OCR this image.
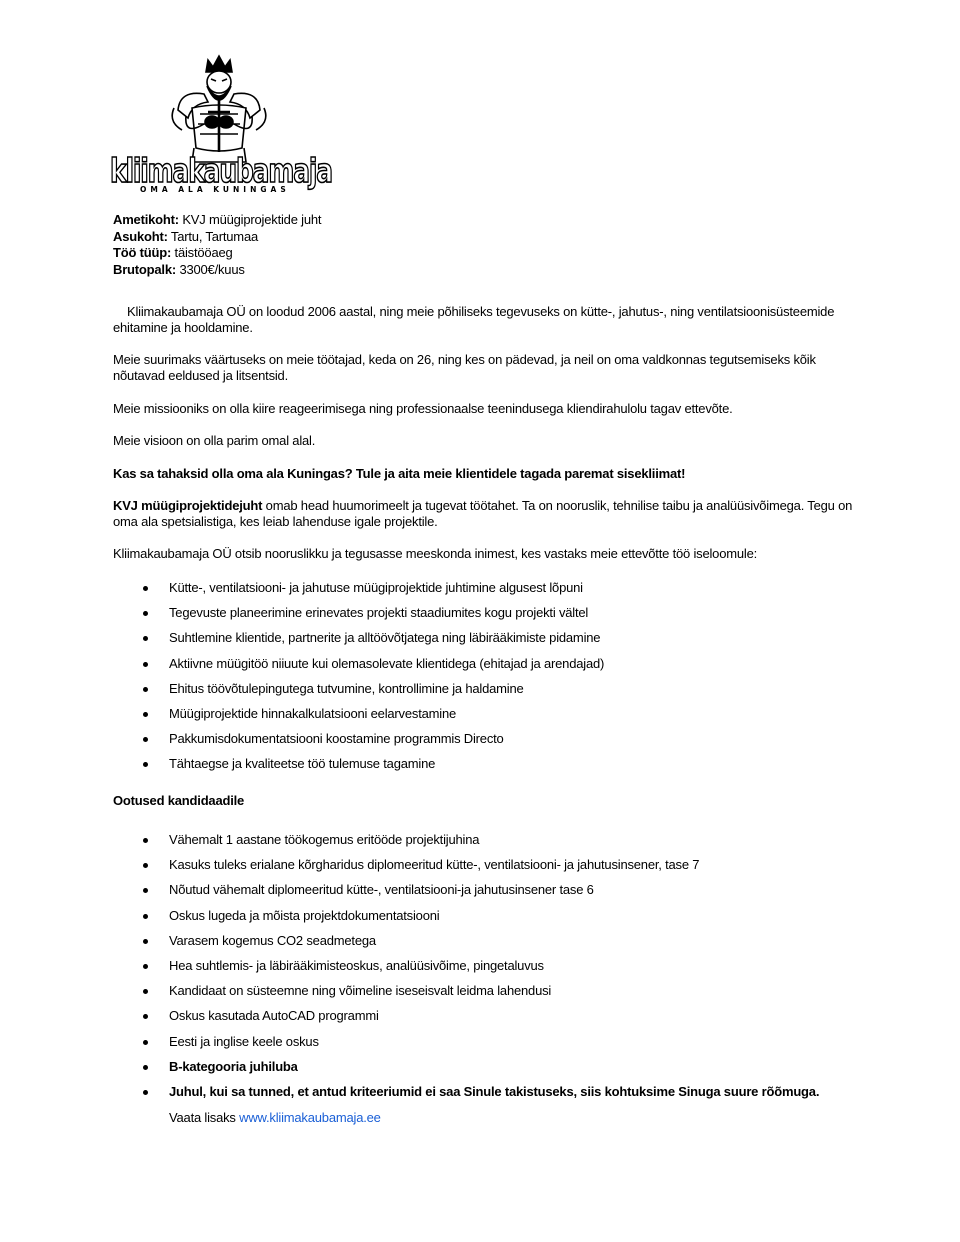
kliimakaubamaja
OMA ALA KUNINGAS
Ametikoht: KVJ müügiprojektide juht
Asukoht: Tartu, Tartumaa
Töö tüüp: täistööaeg
Brutopalk: 3300€/kuus
Kliimakaubamaja OÜ on loodud 2006 aastal, ning meie põhiliseks tegevuseks on kütte-, jahutus-, ning ventilatsioonisüsteemide ehitamine ja hooldamine.
Meie suurimaks väärtuseks on meie töötajad, keda on 26, ning kes on pädevad, ja neil on oma valdkonnas tegutsemiseks kõik nõutavad eeldused ja litsentsid.
Meie missiooniks on olla kiire reageerimisega ning professionaalse teenindusega kliendirahulolu tagav ettevõte.
Meie visioon on olla parim omal alal.
Kas sa tahaksid olla oma ala Kuningas? Tule ja aita meie klientidele tagada paremat sisekliimat!
KVJ müügiprojektidejuht omab head huumorimeelt ja tugevat töötahet. Ta on nooruslik, tehnilise taibu ja analüüsivõimega. Tegu on oma ala spetsialistiga, kes leiab lahenduse igale projektile.
Kliimakaubamaja OÜ otsib nooruslikku ja tegusasse meeskonda inimest, kes vastaks meie ettevõtte töö iseloomule:
Kütte-, ventilatsiooni- ja jahutuse müügiprojektide juhtimine algusest lõpuni
Tegevuste planeerimine erinevates projekti staadiumites kogu projekti vältel
Suhtlemine klientide, partnerite ja alltöövõtjatega ning läbirääkimiste pidamine
Aktiivne müügitöö niiuute kui olemasolevate klientidega (ehitajad ja arendajad)
Ehitus töövõtulepingutega tutvumine, kontrollimine ja haldamine
Müügiprojektide hinnakalkulatsiooni eelarvestamine
Pakkumisdokumentatsiooni koostamine programmis Directo
Tähtaegse ja kvaliteetse töö tulemuse tagamine
Ootused kandidaadile
Vähemalt 1 aastane töökogemus eritööde projektijuhina
Kasuks tuleks erialane kõrgharidus diplomeeritud kütte-, ventilatsiooni- ja jahutusinsener, tase 7
Nõutud vähemalt diplomeeritud kütte-, ventilatsiooni-ja jahutusinsener tase 6
Oskus lugeda ja mõista projektdokumentatsiooni
Varasem kogemus CO2 seadmetega
Hea suhtlemis- ja läbirääkimisteoskus, analüüsivõime, pingetaluvus
Kandidaat on süsteemne ning võimeline iseseisvalt leidma lahendusi
Oskus kasutada AutoCAD programmi
Eesti ja inglise keele oskus
B-kategooria juhiluba
Juhul, kui sa tunned, et antud kriteeriumid ei saa Sinule takistuseks, siis kohtuksime Sinuga suure rõõmuga. Vaata lisaks www.kliimakaubamaja.ee
